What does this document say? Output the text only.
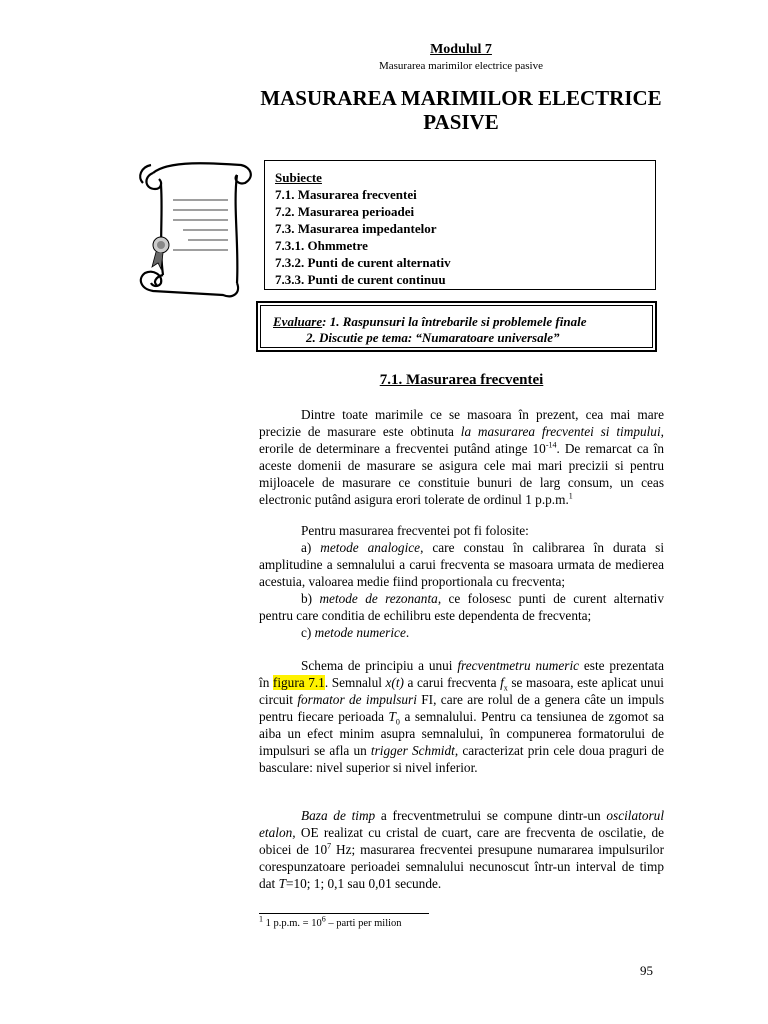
Modulul 7
Masurarea marimilor electrice pasive
MASURAREA MARIMILOR ELECTRICE
PASIVE
Subiecte
7.1. Masurarea frecventei
7.2. Masurarea perioadei
7.3. Masurarea impedantelor
7.3.1. Ohmmetre
7.3.2. Punti de curent alternativ
7.3.3. Punti de curent continuu
Evaluare: 1. Raspunsuri la întrebarile si problemele finale
2. Discutie pe tema: “Numaratoare universale”
7.1. Masurarea frecventei
Dintre toate marimile ce se masoara în prezent, cea mai mare precizie de masurare este obtinuta la masurarea frecventei si timpului, erorile de determinare a frecventei putând atinge $10^{-14}$. De remarcat ca în aceste domenii de masurare se asigura cele mai mari precizii si pentru mijloacele de masurare ce constituie bunuri de larg consum, un ceas electronic putând asigura erori tolerate de ordinul 1 p.p.m.$^1$
Pentru masurarea frecventei pot fi folosite:
a) metode analogice, care constau în calibrarea în durata si amplitudine a semnalului a carui frecventa se masoara urmata de medierea acestuia, valoarea medie fiind proportionala cu frecventa;
b) metode de rezonanta, ce folosesc punti de curent alternativ pentru care conditia de echilibru este dependenta de frecventa;
c) metode numerice.
Schema de principiu a unui frecventmetru numeric este prezentata în figura 7.1. Semnalul x(t) a carui frecventa $f_x$ se masoara, este aplicat unui circuit formator de impulsuri FI, care are rolul de a genera câte un impuls pentru fiecare perioada $T_0$ a semnalului. Pentru ca tensiunea de zgomot sa aiba un efect minim asupra semnalului, în compunerea formatorului de impulsuri se afla un trigger Schmidt, caracterizat prin cele doua praguri de basculare: nivel superior si nivel inferior.
Baza de timp a frecventmetrului se compune dintr-un oscilatorul etalon, OE realizat cu cristal de cuart, care are frecventa de oscilatie, de obicei de $10^7$ Hz; masurarea frecventei presupune numararea impulsurilor corespunzatoare perioadei semnalului necunoscut într-un interval de timp dat T=10; 1; 0,1 sau 0,01 secunde.
$^1$ 1 p.p.m. = $10^6$ – parti per milion
95
